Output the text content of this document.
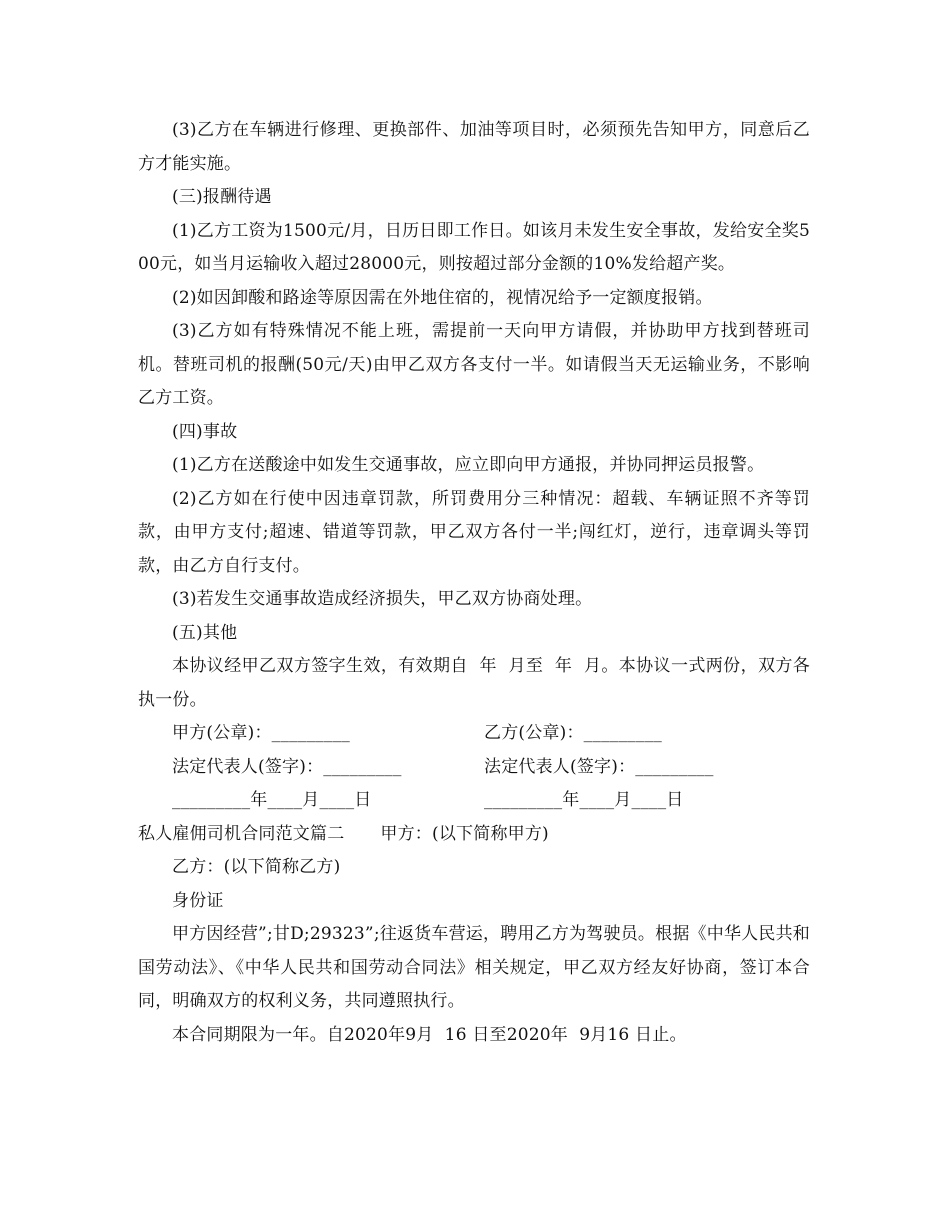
(3)乙方在车辆进行修理、更换部件、加油等项目时，必须预先告知甲方，同意后乙方才能实施。

(三)报酬待遇

(1)乙方工资为1500元/月，日历日即工作日。如该月未发生安全事故，发给安全奖500元，如当月运输收入超过28000元，则按超过部分金额的10%发给超产奖。

(2)如因卸酸和路途等原因需在外地住宿的，视情况给予一定额度报销。

(3)乙方如有特殊情况不能上班，需提前一天向甲方请假，并协助甲方找到替班司机。替班司机的报酬(50元/天)由甲乙双方各支付一半。如请假当天无运输业务，不影响乙方工资。

(四)事故

(1)乙方在送酸途中如发生交通事故，应立即向甲方通报，并协同押运员报警。

(2)乙方如在行使中因违章罚款，所罚费用分三种情况：超载、车辆证照不齐等罚款，由甲方支付;超速、错道等罚款，甲乙双方各付一半;闯红灯，逆行，违章调头等罚款，由乙方自行支付。

(3)若发生交通事故造成经济损失，甲乙双方协商处理。

(五)其他

本协议经甲乙双方签字生效，有效期自  年  月至  年  月。本协议一式两份，双方各执一份。

甲方(公章)：_________	乙方(公章)：_________
法定代表人(签字)：_________	法定代表人(签字)：_________
_________年____月____日	_________年____月____日
私人雇佣司机合同范文篇二 甲方：(以下简称甲方)

乙方：(以下简称乙方)

身份证

甲方因经营”;甘D;29323”;往返货车营运，聘用乙方为驾驶员。根据《中华人民共和国劳动法》、《中华人民共和国劳动合同法》相关规定，甲乙双方经友好协商，签订本合同，明确双方的权利义务，共同遵照执行。

本合同期限为一年。自2020年9月  16 日至2020年  9月16 日止。
